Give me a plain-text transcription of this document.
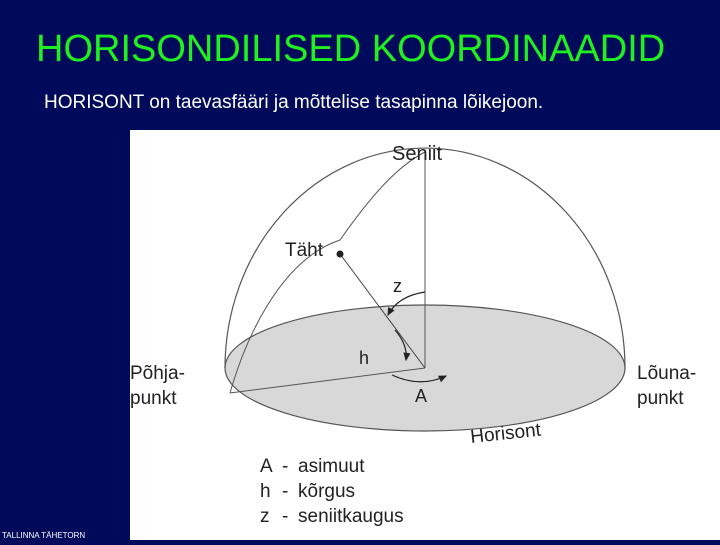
HORISONDILISED KOORDINAADID
HORISONT on taevasfääri ja mõttelise tasapinna lõikejoon.
Seniit
Täht
z
h
A
Põhja-
punkt
Lõuna-
punkt
Horisont
A - asimuut
h - kõrgus
z - seniitkaugus
TALLINNA TÄHETORN
